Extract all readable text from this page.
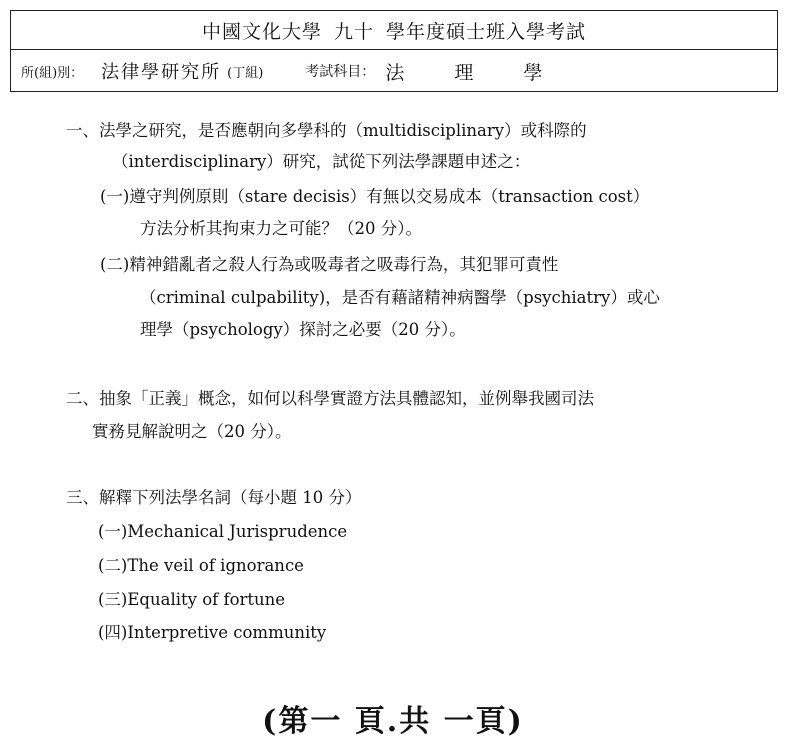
中國文化大學 九十 學年度碩士班入學考試
所(組)別： 法律學研究所 (丁組)	考試科目： 法 理 學
一、法學之研究，是否應朝向多學科的（multidisciplinary）或科際的
（interdisciplinary）研究，試從下列法學課題申述之：
(一)遵守判例原則（stare decisis）有無以交易成本（transaction cost）
方法分析其拘束力之可能？（20 分）。
(二)精神錯亂者之殺人行為或吸毒者之吸毒行為，其犯罪可責性
（criminal culpability)，是否有藉諸精神病醫學（psychiatry）或心
理學（psychology）探討之必要（20 分）。
二、抽象「正義」概念，如何以科學實證方法具體認知，並例舉我國司法
實務見解說明之（20 分）。
三、解釋下列法學名詞（每小題 10 分）
(一)Mechanical Jurisprudence
(二)The veil of ignorance
(三)Equality of fortune
(四)Interpretive community
(第一 頁.共 一頁)
